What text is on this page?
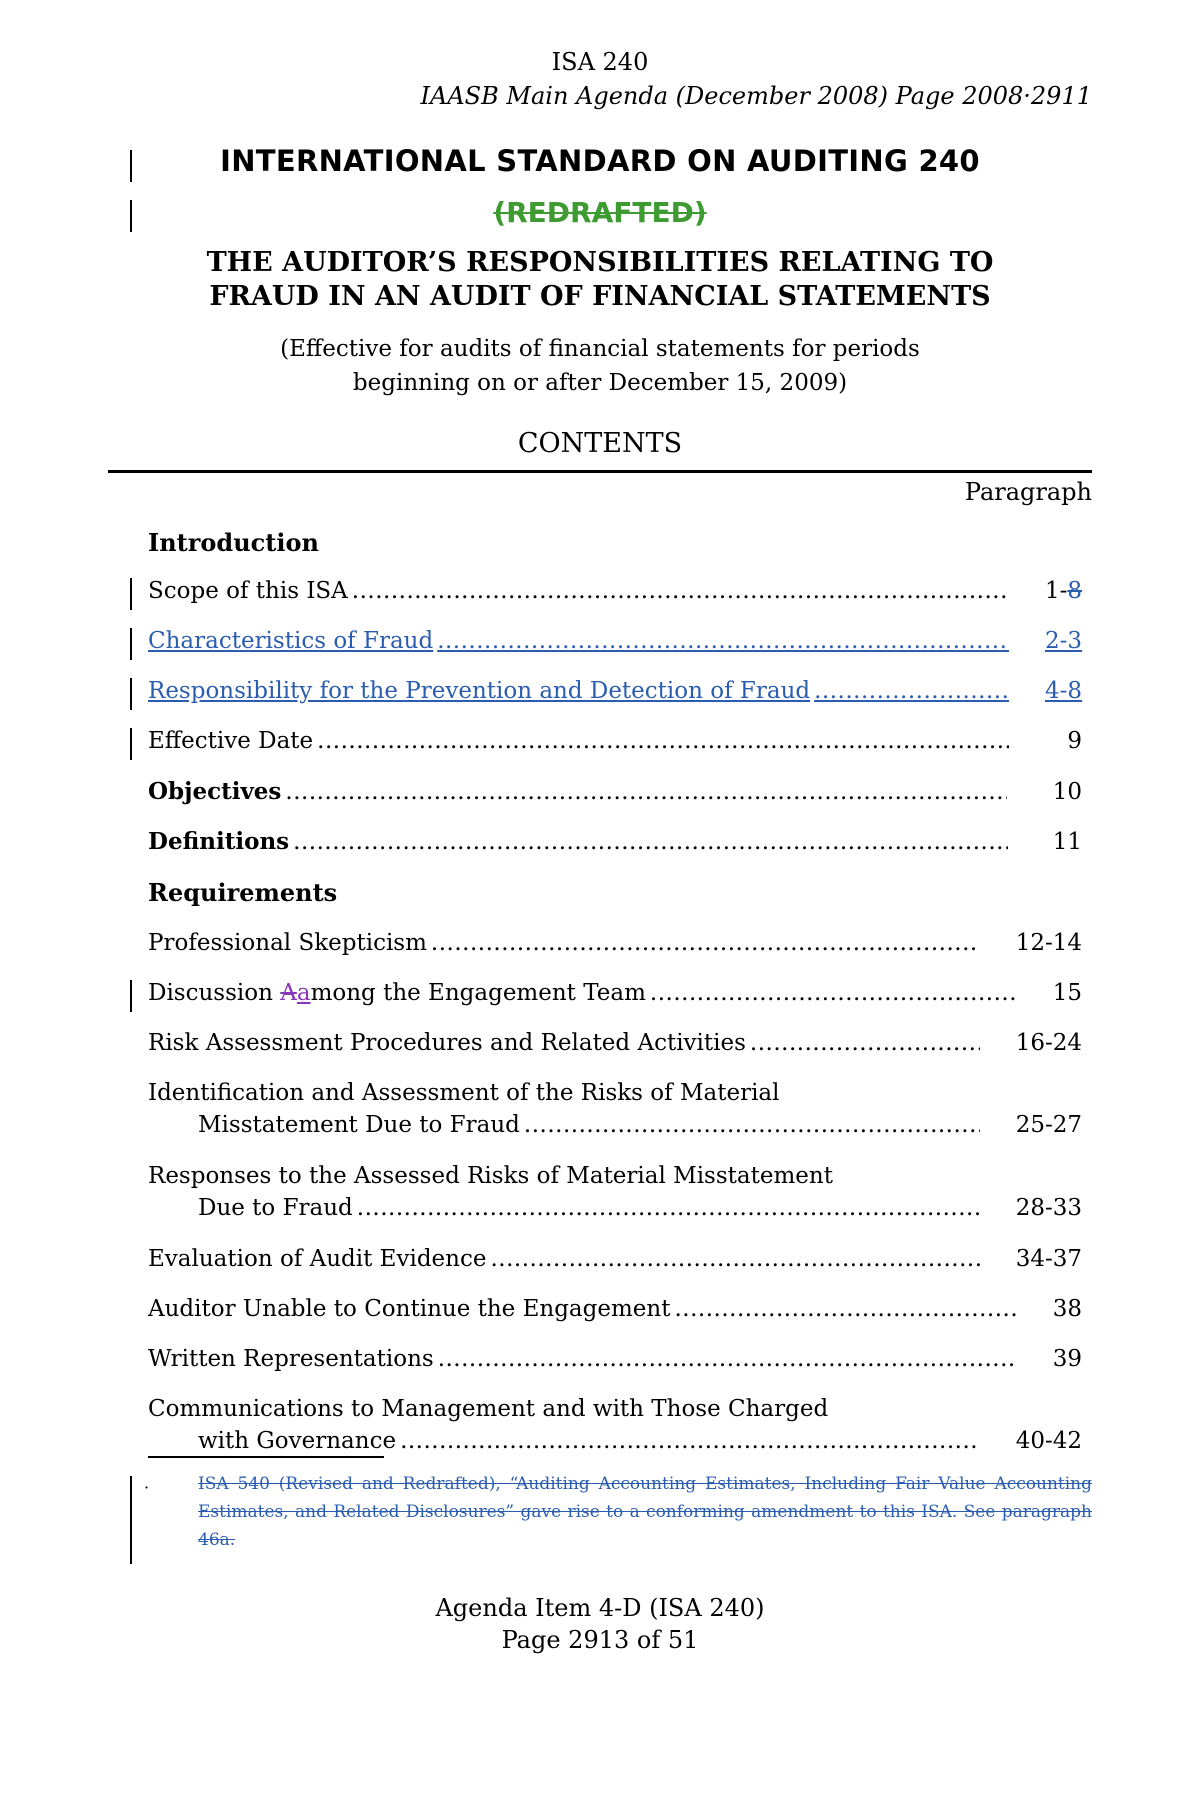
ISA 240
IAASB Main Agenda (December 2008) Page 2008·2911
INTERNATIONAL STANDARD ON AUDITING 240
(REDRAFTED)
THE AUDITOR’S RESPONSIBILITIES RELATING TO
FRAUD IN AN AUDIT OF FINANCIAL STATEMENTS
(Effective for audits of financial statements for periods
beginning on or after December 15, 2009)
CONTENTS
Paragraph
Introduction
Scope of this ISA .....	1-8
Characteristics of Fraud .....	2-3
Responsibility for the Prevention and Detection of Fraud .....	4-8
Effective Date .....	9
Objectives .....	10
Definitions .....	11
Requirements
Professional Skepticism .....	12-14
Discussion Aamong the Engagement Team .....	15
Risk Assessment Procedures and Related Activities .....	16-24
Identification and Assessment of the Risks of Material
Misstatement Due to Fraud .....	25-27
Responses to the Assessed Risks of Material Misstatement
Due to Fraud .....	28-33
Evaluation of Audit Evidence .....	34-37
Auditor Unable to Continue the Engagement .....	38
Written Representations .....	39
Communications to Management and with Those Charged
with Governance .....	40-42
·	ISA 540 (Revised and Redrafted), “Auditing Accounting Estimates, Including Fair Value Accounting Estimates, and Related Disclosures” gave rise to a conforming amendment to this ISA. See paragraph 46a.
Agenda Item 4-D (ISA 240)
Page 2913 of 51
